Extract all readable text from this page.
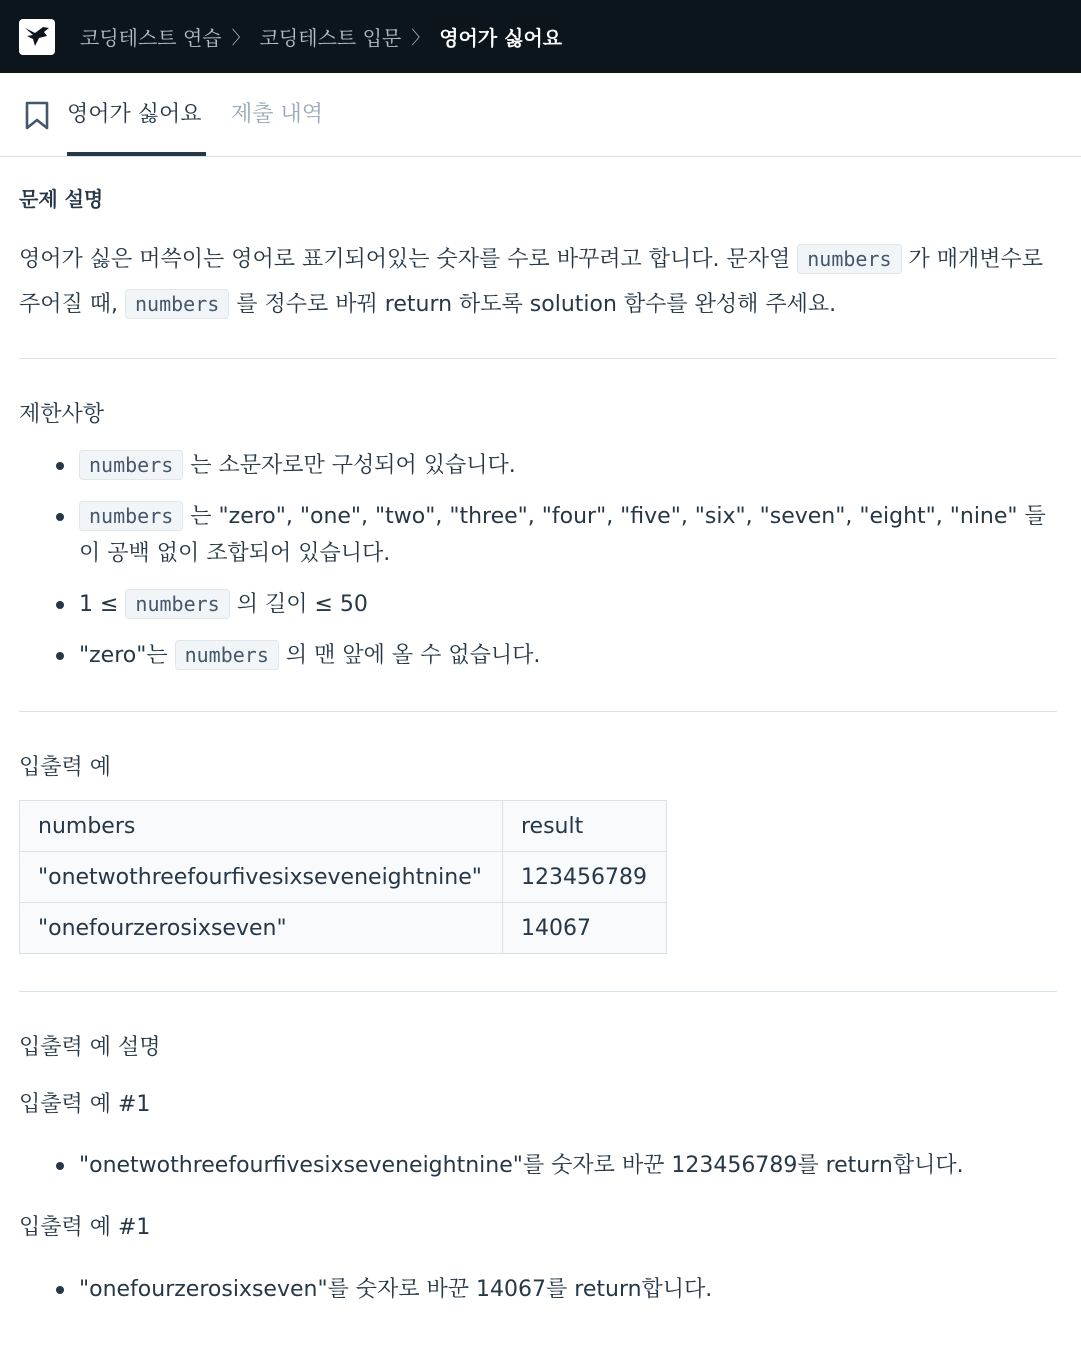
코딩테스트 연습 〉 코딩테스트 입문 〉 영어가 싫어요
영어가 싫어요 제출 내역
문제 설명
영어가 싫은 머쓱이는 영어로 표기되어있는 숫자를 수로 바꾸려고 합니다. 문자열 numbers 가 매개변수로 주어질 때, numbers 를 정수로 바꿔 return 하도록 solution 함수를 완성해 주세요.
제한사항
numbers 는 소문자로만 구성되어 있습니다.
numbers 는 "zero", "one", "two", "three", "four", "five", "six", "seven", "eight", "nine" 들이 공백 없이 조합되어 있습니다.
1 ≤ numbers 의 길이 ≤ 50
"zero"는 numbers 의 맨 앞에 올 수 없습니다.
입출력 예
numbers	result
"onetwothreefourfivesixseveneightnine"	123456789
"onefourzerosixseven"	14067
입출력 예 설명
입출력 예 #1
"onetwothreefourfivesixseveneightnine"를 숫자로 바꾼 123456789를 return합니다.
입출력 예 #1
"onefourzerosixseven"를 숫자로 바꾼 14067를 return합니다.
